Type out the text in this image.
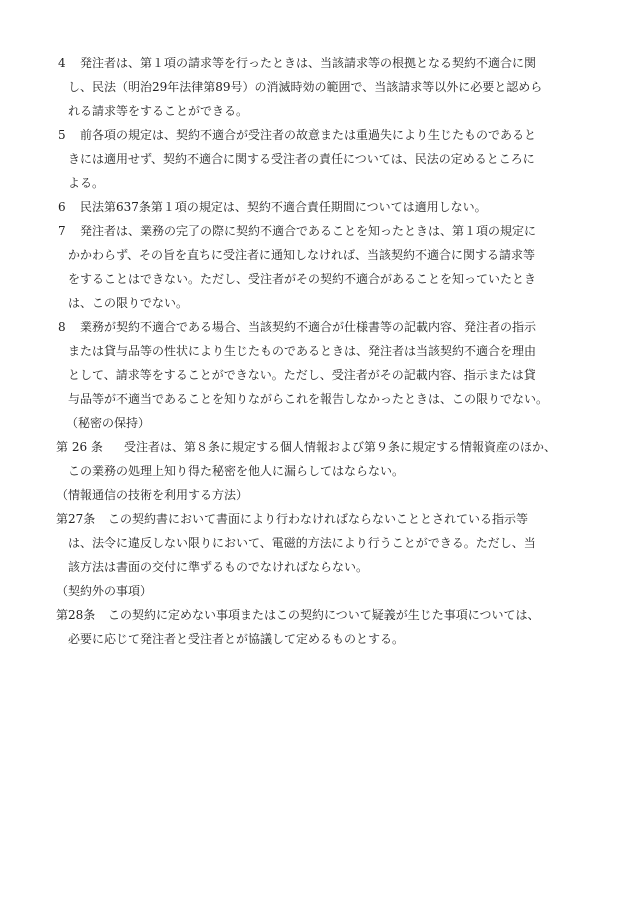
4 発注者は、第１項の請求等を行ったときは、当該請求等の根拠となる契約不適合に関
し、民法（明治29年法律第89号）の消滅時効の範囲で、当該請求等以外に必要と認めら
れる請求等をすることができる。
5 前各項の規定は、契約不適合が受注者の故意または重過失により生じたものであると
きには適用せず、契約不適合に関する受注者の責任については、民法の定めるところに
よる。
6 民法第637条第１項の規定は、契約不適合責任期間については適用しない。
7 発注者は、業務の完了の際に契約不適合であることを知ったときは、第１項の規定に
かかわらず、その旨を直ちに受注者に通知しなければ、当該契約不適合に関する請求等
をすることはできない。ただし、受注者がその契約不適合があることを知っていたとき
は、この限りでない。
8 業務が契約不適合である場合、当該契約不適合が仕様書等の記載内容、発注者の指示
または貸与品等の性状により生じたものであるときは、発注者は当該契約不適合を理由
として、請求等をすることができない。ただし、受注者がその記載内容、指示または貸
与品等が不適当であることを知りながらこれを報告しなかったときは、この限りでない。
（秘密の保持）
第 26 条 受注者は、第８条に規定する個人情報および第９条に規定する情報資産のほか、
この業務の処理上知り得た秘密を他人に漏らしてはならない。
（情報通信の技術を利用する方法）
第27条 この契約書において書面により行わなければならないこととされている指示等
は、法令に違反しない限りにおいて、電磁的方法により行うことができる。ただし、当
該方法は書面の交付に準ずるものでなければならない。
（契約外の事項）
第28条 この契約に定めない事項またはこの契約について疑義が生じた事項については、
必要に応じて発注者と受注者とが協議して定めるものとする。
